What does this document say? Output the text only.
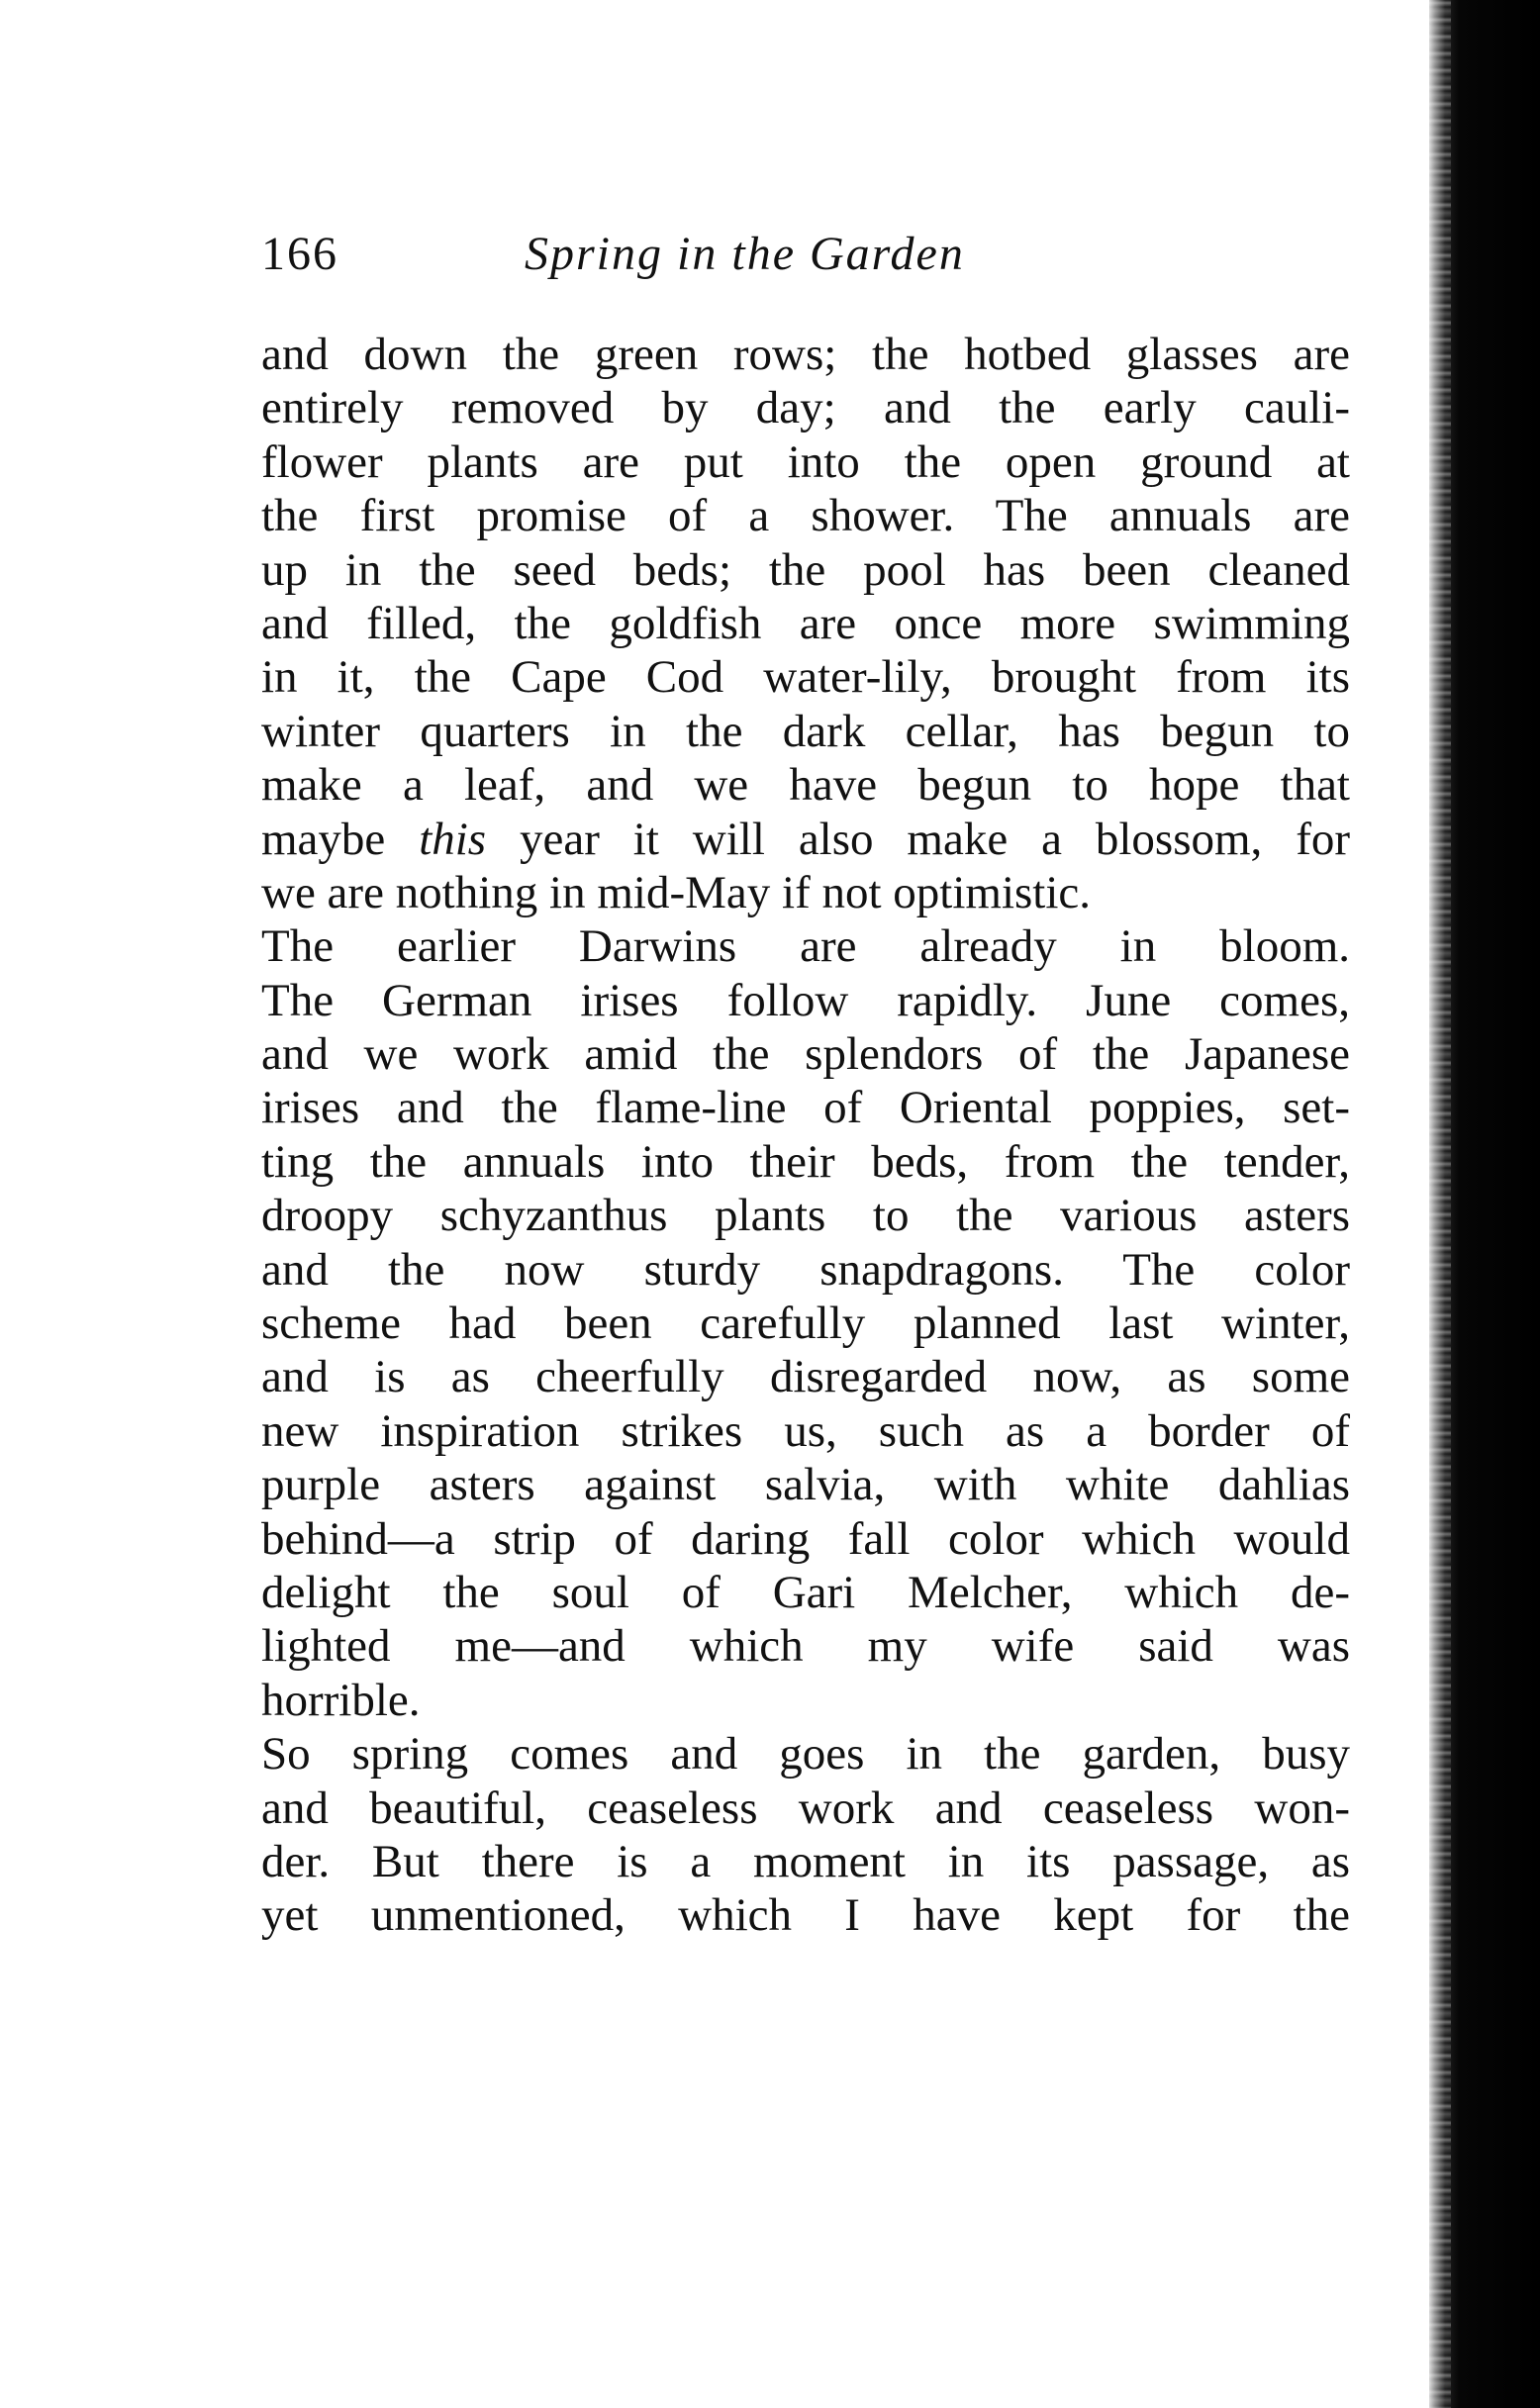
166	Spring in the Garden
and down the green rows; the hotbed glasses are
entirely removed by day; and the early cauli-
flower plants are put into the open ground at
the first promise of a shower. The annuals are
up in the seed beds; the pool has been cleaned
and filled, the goldfish are once more swimming
in it, the Cape Cod water-lily, brought from its
winter quarters in the dark cellar, has begun to
make a leaf, and we have begun to hope that
maybe this year it will also make a blossom, for
we are nothing in mid-May if not optimistic.
The earlier Darwins are already in bloom.
The German irises follow rapidly. June comes,
and we work amid the splendors of the Japanese
irises and the flame-line of Oriental poppies, set-
ting the annuals into their beds, from the tender,
droopy schyzanthus plants to the various asters
and the now sturdy snapdragons. The color
scheme had been carefully planned last winter,
and is as cheerfully disregarded now, as some
new inspiration strikes us, such as a border of
purple asters against salvia, with white dahlias
behind—a strip of daring fall color which would
delight the soul of Gari Melcher, which de-
lighted me—and which my wife said was
horrible.
So spring comes and goes in the garden, busy
and beautiful, ceaseless work and ceaseless won-
der. But there is a moment in its passage, as
yet unmentioned, which I have kept for the
